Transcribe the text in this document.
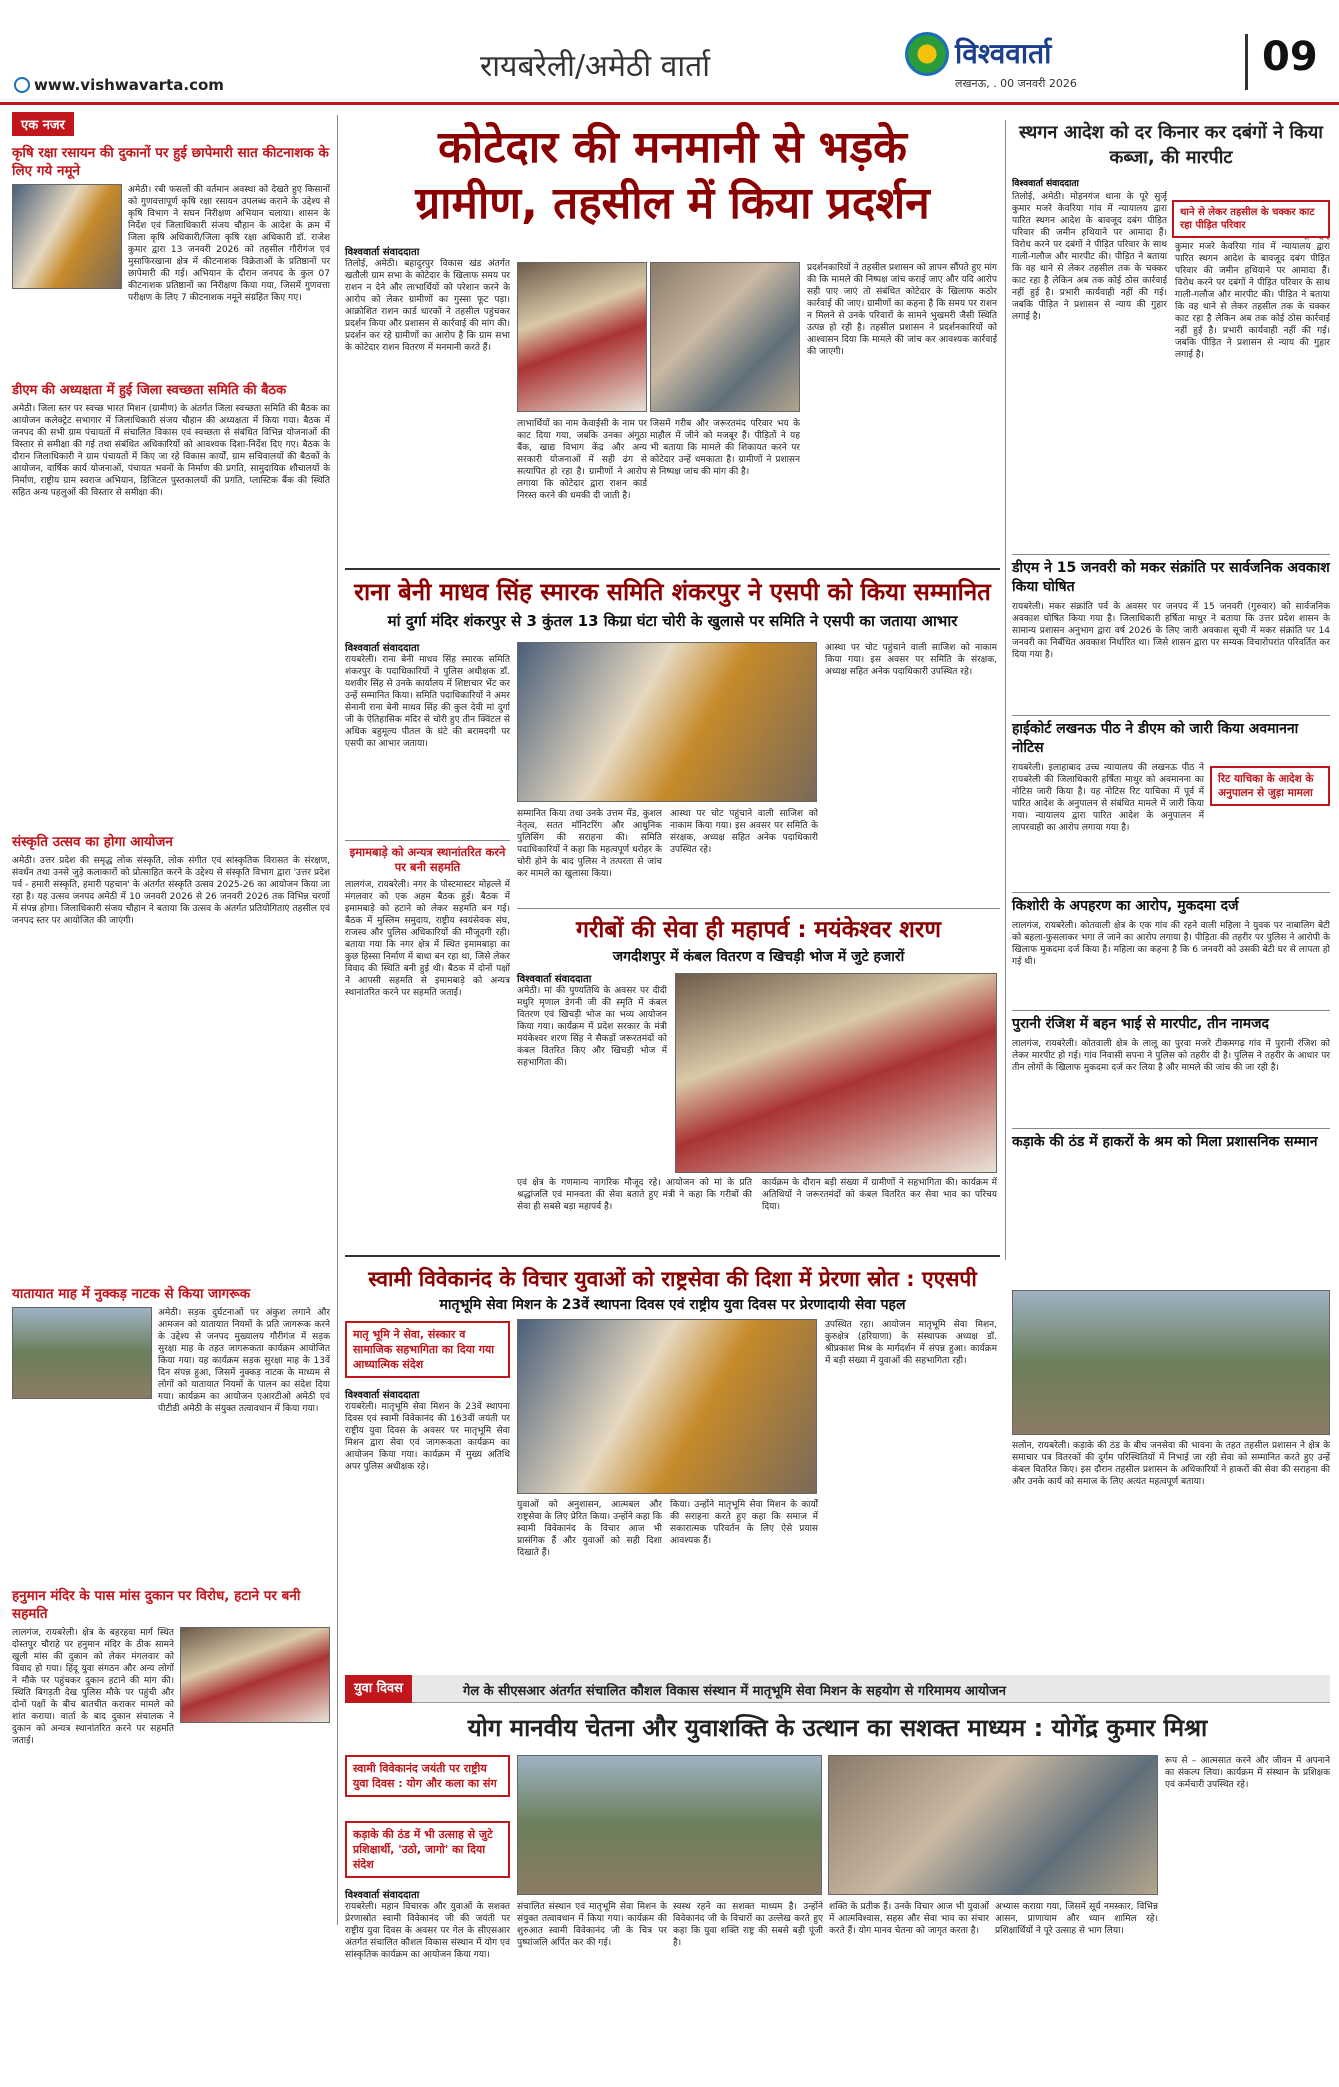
www.vishwavarta.com
रायबरेली/अमेठी वार्ता	विश्ववार्ता
लखनऊ, . 00 जनवरी 2026
09
एक नजर
कृषि रक्षा रसायन की दुकानों पर हुई छापेमारी सात कीटनाशक के लिए गये नमूने
अमेठी। रबी फसलों की वर्तमान अवस्था को देखते हुए किसानों को गुणवत्तापूर्ण कृषि रक्षा रसायन उपलब्ध कराने के उद्देश्य से कृषि विभाग ने सघन निरीक्षण अभियान चलाया। शासन के निर्देश एवं जिलाधिकारी संजय चौहान के आदेश के क्रम में जिला कृषि अधिकारी/जिला कृषि रक्षा अधिकारी डॉ. राजेश कुमार द्वारा 13 जनवरी 2026 को तहसील गौरीगंज एवं मुसाफिरखाना क्षेत्र में कीटनाशक विक्रेताओं के प्रतिष्ठानों पर छापेमारी की गई। अभियान के दौरान जनपद के कुल 07 कीटनाशक प्रतिष्ठानों का निरीक्षण किया गया, जिसमें गुणवत्ता परीक्षण के लिए 7 कीटनाशक नमूने संग्रहित किए गए।
डीएम की अध्यक्षता में हुई जिला स्वच्छता समिति की बैठक
अमेठी। जिला स्तर पर स्वच्छ भारत मिशन (ग्रामीण) के अंतर्गत जिला स्वच्छता समिति की बैठक का आयोजन कलेक्ट्रेट सभागार में जिलाधिकारी संजय चौहान की अध्यक्षता में किया गया। बैठक में जनपद की सभी ग्राम पंचायतों में संचालित विकास एवं स्वच्छता से संबंधित विभिन्न योजनाओं की विस्तार से समीक्षा की गई तथा संबंधित अधिकारियों को आवश्यक दिशा-निर्देश दिए गए। बैठक के दौरान जिलाधिकारी ने ग्राम पंचायतों में किए जा रहे विकास कार्यों, ग्राम सचिवालयों की बैठकों के आयोजन, वार्षिक कार्य योजनाओं, पंचायत भवनों के निर्माण की प्रगति, सामुदायिक शौचालयों के निर्माण, राष्ट्रीय ग्राम स्वराज अभियान, डिजिटल पुस्तकालयों की प्रगति, प्लास्टिक बैंक की स्थिति सहित अन्य पहलुओं की विस्तार से समीक्षा की।
संस्कृति उत्सव का होगा आयोजन
अमेठी। उत्तर प्रदेश की समृद्ध लोक संस्कृति, लोक संगीत एवं सांस्कृतिक विरासत के संरक्षण, संवर्धन तथा उनसे जुड़े कलाकारों को प्रोत्साहित करने के उद्देश्य से संस्कृति विभाग द्वारा 'उत्तर प्रदेश पर्व - हमारी संस्कृति, हमारी पहचान' के अंतर्गत संस्कृति उत्सव 2025-26 का आयोजन किया जा रहा है। यह उत्सव जनपद अमेठी में 10 जनवरी 2026 से 26 जनवरी 2026 तक विभिन्न चरणों में संपन्न होगा। जिलाधिकारी संजय चौहान ने बताया कि उत्सव के अंतर्गत प्रतियोगिताएं तहसील एवं जनपद स्तर पर आयोजित की जाएंगी।
यातायात माह में नुक्कड़ नाटक से किया जागरूक
अमेठी। सड़क दुर्घटनाओं पर अंकुश लगाने और आमजन को यातायात नियमों के प्रति जागरूक करने के उद्देश्य से जनपद मुख्यालय गौरीगंज में सड़क सुरक्षा माह के तहत जागरूकता कार्यक्रम आयोजित किया गया। यह कार्यक्रम सड़क सुरक्षा माह के 13वें दिन संपन्न हुआ, जिसमें नुक्कड़ नाटक के माध्यम से लोगों को यातायात नियमों के पालन का संदेश दिया गया। कार्यक्रम का आयोजन एआरटीओ अमेठी एवं पीटीडी अमेठी के संयुक्त तत्वावधान में किया गया।
हनुमान मंदिर के पास मांस दुकान पर विरोध, हटाने पर बनी सहमति
लालगंज, रायबरेली। क्षेत्र के बहरहवा मार्ग स्थित दोस्तपुर चौराहे पर हनुमान मंदिर के ठीक सामने खुली मांस की दुकान को लेकर मंगलवार को विवाद हो गया। हिंदू युवा संगठन और अन्य लोगों ने मौके पर पहुंचकर दुकान हटाने की मांग की। स्थिति बिगड़ती देख पुलिस मौके पर पहुंची और दोनों पक्षों के बीच बातचीत कराकर मामले को शांत कराया। वार्ता के बाद दुकान संचालक ने दुकान को अन्यत्र स्थानांतरित करने पर सहमति जताई।
कोटेदार की मनमानी से भड़के
ग्रामीण, तहसील में किया प्रदर्शन
विश्ववार्ता संवाददाता
तिलोई, अमेठी। बहादुरपुर विकास खंड अंतर्गत खतौली ग्राम सभा के कोटेदार के खिलाफ समय पर राशन न देने और लाभार्थियों को परेशान करने के आरोप को लेकर ग्रामीणों का गुस्सा फूट पड़ा। आक्रोशित राशन कार्ड धारकों ने तहसील पहुंचकर प्रदर्शन किया और प्रशासन से कार्रवाई की मांग की। प्रदर्शन कर रहे ग्रामीणों का आरोप है कि ग्राम सभा के कोटेदार राशन वितरण में मनमानी करते हैं।
लाभार्थियों का नाम केवाईसी के नाम पर काट दिया गया, जबकि उनका अंगूठा बैंक, खाद्य विभाग केंद्र और अन्य सरकारी योजनाओं में सही ढंग से सत्यापित हो रहा है। ग्रामीणों ने आरोप लगाया कि कोटेदार द्वारा राशन कार्ड निरस्त करने की धमकी दी जाती है।
जिसमें गरीब और जरूरतमंद परिवार भय के माहौल में जीने को मजबूर हैं। पीड़ितों ने यह भी बताया कि मामले की शिकायत करने पर कोटेदार उन्हें धमकाता है। ग्रामीणों ने प्रशासन से निष्पक्ष जांच की मांग की है।
प्रदर्शनकारियों ने तहसील प्रशासन को ज्ञापन सौंपते हुए मांग की कि मामले की निष्पक्ष जांच कराई जाए और यदि आरोप सही पाए जाएं तो संबंधित कोटेदार के खिलाफ कठोर कार्रवाई की जाए। ग्रामीणों का कहना है कि समय पर राशन न मिलने से उनके परिवारों के सामने भुखमरी जैसी स्थिति उत्पन्न हो रही है। तहसील प्रशासन ने प्रदर्शनकारियों को आश्वासन दिया कि मामले की जांच कर आवश्यक कार्रवाई की जाएगी।
राना बेनी माधव सिंह स्मारक समिति शंकरपुर ने एसपी को किया सम्मानित
मां दुर्गा मंदिर शंकरपुर से 3 कुंतल 13 किग्रा घंटा चोरी के खुलासे पर समिति ने एसपी का जताया आभार
विश्ववार्ता संवाददाता
रायबरेली। राना बेनी माधव सिंह स्मारक समिति शंकरपुर के पदाधिकारियों ने पुलिस अधीक्षक डॉ. यशवीर सिंह से उनके कार्यालय में शिष्टाचार भेंट कर उन्हें सम्मानित किया। समिति पदाधिकारियों ने अमर सेनानी राना बेनी माधव सिंह की कुल देवी मां दुर्गा जी के ऐतिहासिक मंदिर से चोरी हुए तीन क्विंटल से अधिक बहुमूल्य पीतल के घंटे की बरामदगी पर एसपी का आभार जताया।
सम्मानित किया तथा उनके उत्तम मेंड, कुशल नेतृत्व, सतत मॉनिटरिंग और आधुनिक पुलिसिंग की सराहना की। समिति पदाधिकारियों ने कहा कि महत्वपूर्ण धरोहर के चोरी होने के बाद पुलिस ने तत्परता से जांच कर मामले का खुलासा किया।
आस्था पर चोट पहुंचाने वाली साजिश को नाकाम किया गया। इस अवसर पर समिति के संरक्षक, अध्यक्ष सहित अनेक पदाधिकारी उपस्थित रहे।
आस्था पर चोट पहुंचाने वाली साजिश को नाकाम किया गया। इस अवसर पर समिति के संरक्षक, अध्यक्ष सहित अनेक पदाधिकारी उपस्थित रहे।
इमामबाड़े को अन्यत्र स्थानांतरित करने पर बनी सहमति
लालगंज, रायबरेली। नगर के पोस्टमास्टर मोहल्ले में मंगलवार को एक अहम बैठक हुई। बैठक में इमामबाड़े को हटाने को लेकर सहमति बन गई। बैठक में मुस्लिम समुदाय, राष्ट्रीय स्वयंसेवक संघ, राजस्व और पुलिस अधिकारियों की मौजूदगी रही। बताया गया कि नगर क्षेत्र में स्थित इमामबाड़ा का कुछ हिस्सा निर्माण में बाधा बन रहा था, जिसे लेकर विवाद की स्थिति बनी हुई थी। बैठक में दोनों पक्षों ने आपसी सहमति से इमामबाड़े को अन्यत्र स्थानांतरित करने पर सहमति जताई।
गरीबों की सेवा ही महापर्व : मयंकेश्वर शरण
जगदीशपुर में कंबल वितरण व खिचड़ी भोज में जुटे हजारों
विश्ववार्ता संवाददाता
अमेठी। मां की पुण्यतिथि के अवसर पर दीदी मधुरि मृणाल डेगनी जी की स्मृति में कंबल वितरण एवं खिचड़ी भोज का भव्य आयोजन किया गया। कार्यक्रम में प्रदेश सरकार के मंत्री मयंकेश्वर शरण सिंह ने सैकड़ों जरूरतमंदों को कंबल वितरित किए और खिचड़ी भोज में सहभागिता की।
एवं क्षेत्र के गणमान्य नागरिक मौजूद रहे। आयोजन को मां के प्रति श्रद्धांजलि एवं मानवता की सेवा बताते हुए मंत्री ने कहा कि गरीबों की सेवा ही सबसे बड़ा महापर्व है।
कार्यक्रम के दौरान बड़ी संख्या में ग्रामीणों ने सहभागिता की। कार्यक्रम में अतिथियों ने जरूरतमंदों को कंबल वितरित कर सेवा भाव का परिचय दिया।
स्वामी विवेकानंद के विचार युवाओं को राष्ट्रसेवा की दिशा में प्रेरणा स्रोत : एएसपी
मातृभूमि सेवा मिशन के 23वें स्थापना दिवस एवं राष्ट्रीय युवा दिवस पर प्रेरणादायी सेवा पहल
मातृ भूमि ने सेवा, संस्कार व सामाजिक सहभागिता का दिया गया आध्यात्मिक संदेश
विश्ववार्ता संवाददाता
रायबरेली। मातृभूमि सेवा मिशन के 23वें स्थापना दिवस एवं स्वामी विवेकानंद की 163वीं जयंती पर राष्ट्रीय युवा दिवस के अवसर पर मातृभूमि सेवा मिशन द्वारा सेवा एवं जागरूकता कार्यक्रम का आयोजन किया गया। कार्यक्रम में मुख्य अतिथि अपर पुलिस अधीक्षक रहे।
युवाओं को अनुशासन, आत्मबल और राष्ट्रसेवा के लिए प्रेरित किया। उन्होंने कहा कि स्वामी विवेकानंद के विचार आज भी प्रासंगिक हैं और युवाओं को सही दिशा दिखाते हैं।
किया। उन्होंने मातृभूमि सेवा मिशन के कार्यों की सराहना करते हुए कहा कि समाज में सकारात्मक परिवर्तन के लिए ऐसे प्रयास आवश्यक हैं।
उपस्थित रहा। आयोजन मातृभूमि सेवा मिशन, कुरुक्षेत्र (हरियाणा) के संस्थापक अध्यक्ष डॉ. श्रीप्रकाश मिश्र के मार्गदर्शन में संपन्न हुआ। कार्यक्रम में बड़ी संख्या में युवाओं की सहभागिता रही।
स्थगन आदेश को दर किनार कर दबंगों ने किया कब्जा, की मारपीट
विश्ववार्ता संवाददाता
थाने से लेकर तहसील के चक्कर काट रहा पीड़ित परिवार
तिलोई, अमेठी। मोहनगंज थाना के पूरे सुर्जू कुमार मजरे केवरिया गांव में न्यायालय द्वारा पारित स्थगन आदेश के बावजूद दबंग पीड़ित परिवार की जमीन हथियाने पर आमादा हैं। विरोध करने पर दबंगों ने पीड़ित परिवार के साथ गाली-गलौज और मारपीट की। पीड़ित ने बताया कि वह थाने से लेकर तहसील तक के चक्कर काट रहा है लेकिन अब तक कोई ठोस कार्रवाई नहीं हुई है। प्रभारी कार्यवाही नहीं की गई। जबकि पीड़ित ने प्रशासन से न्याय की गुहार लगाई है।
कुमार मजरे केवरिया गांव में न्यायालय द्वारा पारित स्थगन आदेश के बावजूद दबंग पीड़ित परिवार की जमीन हथियाने पर आमादा हैं। विरोध करने पर दबंगों ने पीड़ित परिवार के साथ गाली-गलौज और मारपीट की। पीड़ित ने बताया कि वह थाने से लेकर तहसील तक के चक्कर काट रहा है लेकिन अब तक कोई ठोस कार्रवाई नहीं हुई है। प्रभारी कार्यवाही नहीं की गई। जबकि पीड़ित ने प्रशासन से न्याय की गुहार लगाई है।
डीएम ने 15 जनवरी को मकर संक्रांति पर सार्वजनिक अवकाश किया घोषित
रायबरेली। मकर संक्रांति पर्व के अवसर पर जनपद में 15 जनवरी (गुरुवार) को सार्वजनिक अवकाश घोषित किया गया है। जिलाधिकारी हर्षिता माथुर ने बताया कि उत्तर प्रदेश शासन के सामान्य प्रशासन अनुभाग द्वारा वर्ष 2026 के लिए जारी अवकाश सूची में मकर संक्रांति पर 14 जनवरी का निर्बंधित अवकाश निर्धारित था। जिसे शासन द्वारा पर सम्यक विचारोपरांत परिवर्तित कर दिया गया है।
हाईकोर्ट लखनऊ पीठ ने डीएम को जारी किया अवमानना नोटिस
रिट याचिका के आदेश के अनुपालन से जुड़ा मामला
रायबरेली। इलाहाबाद उच्च न्यायालय की लखनऊ पीठ ने रायबरेली की जिलाधिकारी हर्षिता माथुर को अवमानना का नोटिस जारी किया है। यह नोटिस रिट याचिका में पूर्व में पारित आदेश के अनुपालन से संबंधित मामले में जारी किया गया। न्यायालय द्वारा पारित आदेश के अनुपालन में लापरवाही का आरोप लगाया गया है।
किशोरी के अपहरण का आरोप, मुकदमा दर्ज
लालगंज, रायबरेली। कोतवाली क्षेत्र के एक गांव की रहने वाली महिला ने युवक पर नाबालिग बेटी को बहला-फुसलाकर भगा ले जाने का आरोप लगाया है। पीड़िता की तहरीर पर पुलिस ने आरोपी के खिलाफ मुकदमा दर्ज किया है। महिला का कहना है कि 6 जनवरी को उसकी बेटी घर से लापता हो गई थी।
पुरानी रंजिश में बहन भाई से मारपीट, तीन नामजद
लालगंज, रायबरेली। कोतवाली क्षेत्र के लालू का पुरवा मजरे टीकमगढ़ गांव में पुरानी रंजिश को लेकर मारपीट हो गई। गांव निवासी सपना ने पुलिस को तहरीर दी है। पुलिस ने तहरीर के आधार पर तीन लोगों के खिलाफ मुकदमा दर्ज कर लिया है और मामले की जांच की जा रही है।
कड़ाके की ठंड में हाकरों के श्रम को मिला प्रशासनिक सम्मान
सलोन, रायबरेली। कड़ाके की ठंड के बीच जनसेवा की भावना के तहत तहसील प्रशासन ने क्षेत्र के समाचार पत्र वितरकों की दुर्गम परिस्थितियों में निभाई जा रही सेवा को सम्मानित करते हुए उन्हें कंबल वितरित किए। इस दौरान तहसील प्रशासन के अधिकारियों ने हाकरों की सेवा की सराहना की और उनके कार्य को समाज के लिए अत्यंत महत्वपूर्ण बताया।
युवा दिवस	गेल के सीएसआर अंतर्गत संचालित कौशल विकास संस्थान में मातृभूमि सेवा मिशन के सहयोग से गरिमामय आयोजन
योग मानवीय चेतना और युवाशक्ति के उत्थान का सशक्त माध्यम : योगेंद्र कुमार मिश्रा
स्वामी विवेकानंद जयंती पर राष्ट्रीय युवा दिवस : योग और कला का संग
कड़ाके की ठंड में भी उत्साह से जुटे प्रशिक्षार्थी, 'उठो, जागो' का दिया संदेश
विश्ववार्ता संवाददाता
रायबरेली। महान विचारक और युवाओं के सशक्त प्रेरणास्रोत स्वामी विवेकानंद जी की जयंती पर राष्ट्रीय युवा दिवस के अवसर पर गेल के सीएसआर अंतर्गत संचालित कौशल विकास संस्थान में योग एवं सांस्कृतिक कार्यक्रम का आयोजन किया गया।
संचालित संस्थान एवं मातृभूमि सेवा मिशन के संयुक्त तत्वावधान में किया गया। कार्यक्रम की शुरुआत स्वामी विवेकानंद जी के चित्र पर पुष्पांजलि अर्पित कर की गई।
स्वस्थ रहने का सशक्त माध्यम है। उन्होंने विवेकानंद जी के विचारों का उल्लेख करते हुए कहा कि युवा शक्ति राष्ट्र की सबसे बड़ी पूंजी है।
शक्ति के प्रतीक हैं। उनके विचार आज भी युवाओं में आत्मविश्वास, सहस और सेवा भाव का संचार करते हैं। योग मानव चेतना को जागृत करता है।
अभ्यास कराया गया, जिसमें सूर्य नमस्कार, विभिन्न आसन, प्राणायाम और ध्यान शामिल रहे। प्रशिक्षार्थियों ने पूरे उत्साह से भाग लिया।
रूप से – आत्मसात करने और जीवन में अपनाने का संकल्प लिया। कार्यक्रम में संस्थान के प्रशिक्षक एवं कर्मचारी उपस्थित रहे।
